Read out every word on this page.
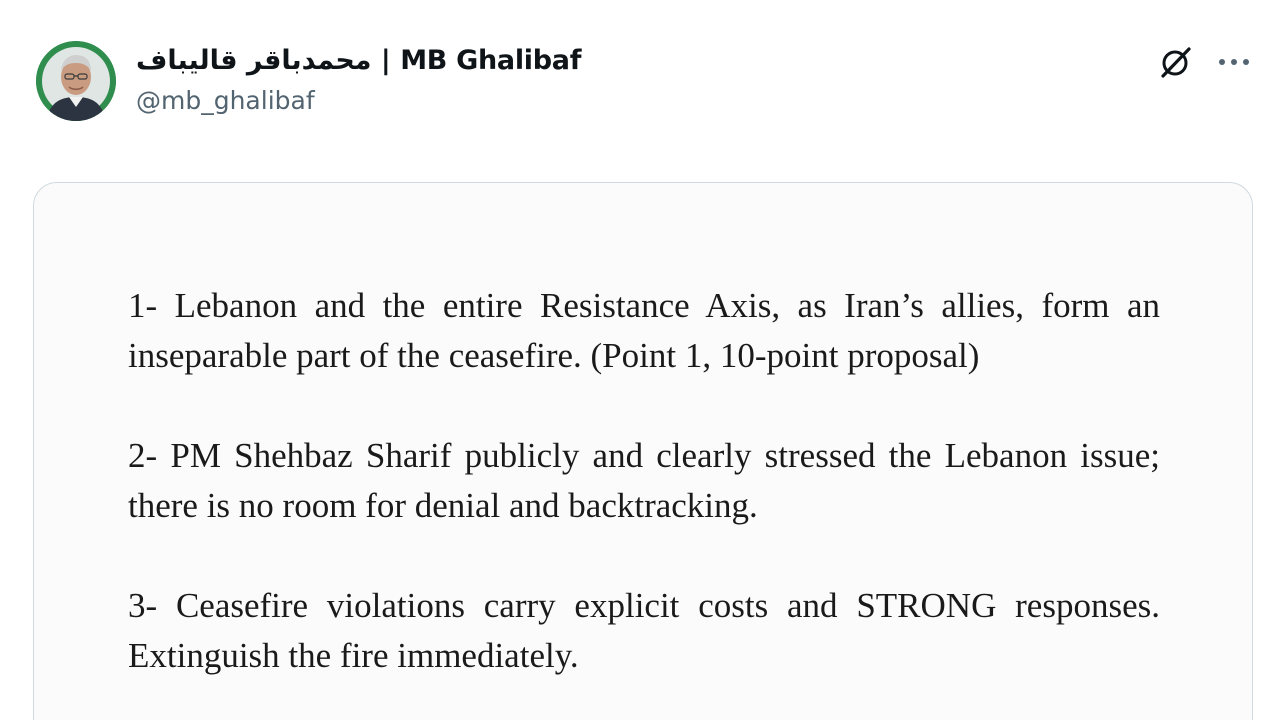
محمدباقر قالیباف | MB Ghalibaf
@mb_ghalibaf

1- Lebanon and the entire Resistance Axis, as Iran’s allies, form an inseparable part of the ceasefire. (Point 1, 10-point proposal)

2- PM Shehbaz Sharif publicly and clearly stressed the Lebanon issue; there is no room for denial and backtracking.

3- Ceasefire violations carry explicit costs and STRONG responses. Extinguish the fire immediately.
